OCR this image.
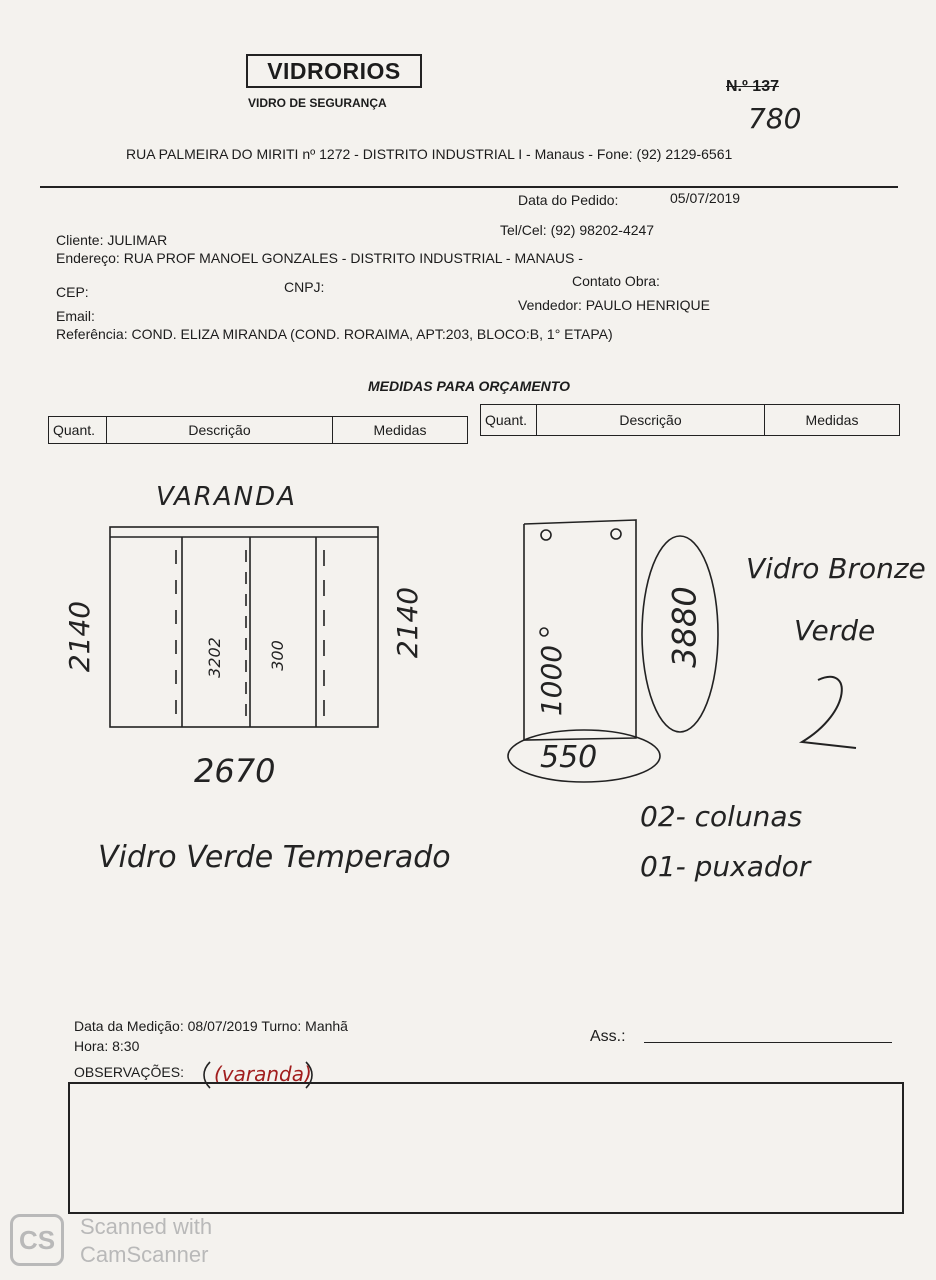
VIDRORIOS
VIDRO DE SEGURANÇA
N.º 137
780
RUA PALMEIRA DO MIRITI nº 1272 - DISTRITO INDUSTRIAL I - Manaus - Fone: (92) 2129-6561
Data do Pedido:	05/07/2019
Tel/Cel: (92) 98202-4247
Cliente: JULIMAR
Endereço: RUA PROF MANOEL GONZALES - DISTRITO INDUSTRIAL - MANAUS -
CEP:	CNPJ:	Contato Obra:
Email:
Vendedor: PAULO HENRIQUE
Referência: COND. ELIZA MIRANDA (COND. RORAIMA, APT:203, BLOCO:B, 1° ETAPA)
MEDIDAS PARA ORÇAMENTO
Quant.	Descrição	Medidas
Quant.	Descrição	Medidas
VARANDA
2140	2140
2670
3202	300
Vidro Verde Temperado
1000
550
3880
Vidro Bronze
Verde
02- colunas
01- puxador
Data da Medição: 08/07/2019 Turno: Manhã
Hora: 8:30
OBSERVAÇÕES: (varanda)
Ass.:
CS	Scanned with
CamScanner
